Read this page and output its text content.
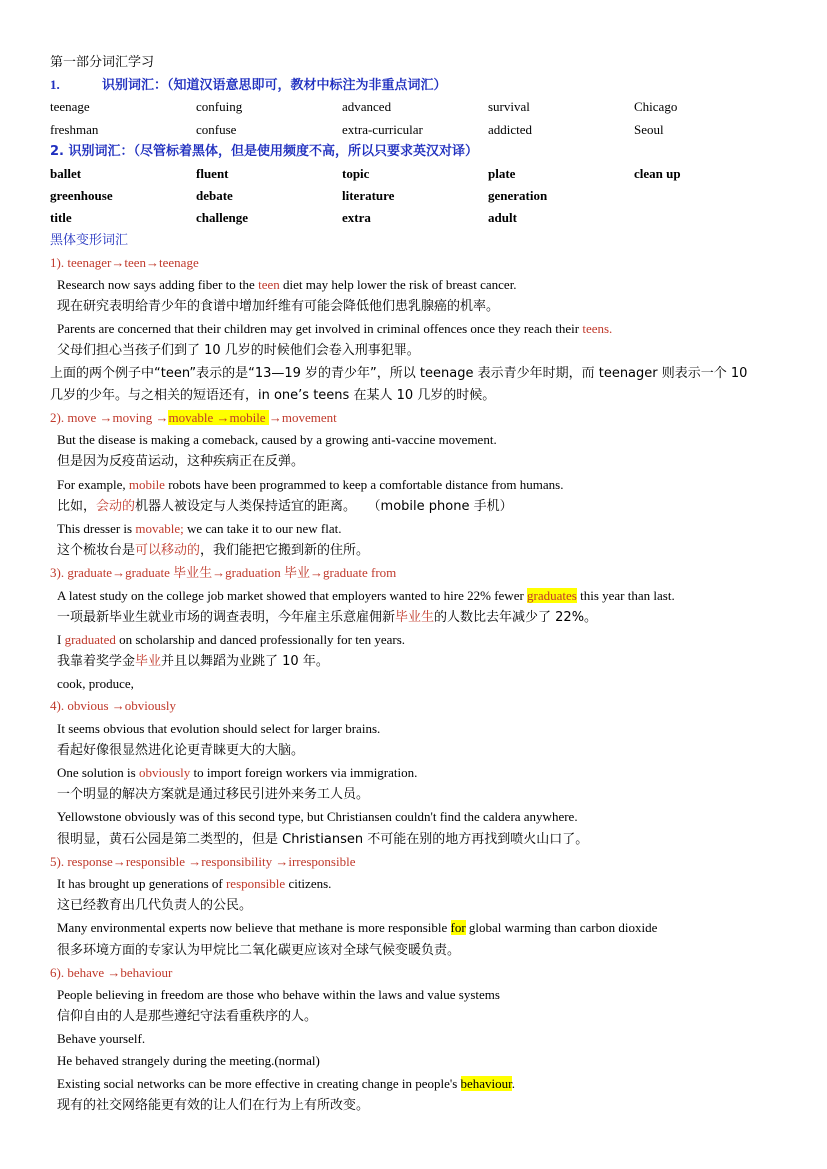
第一部分词汇学习
1.	识别词汇：（知道汉语意思即可，教材中标注为非重点词汇）
teenage	confuing	advanced	survival	Chicago
freshman	confuse	extra-curricular	addicted	Seoul
2. 识别词汇：（尽管标着黑体，但是使用频度不高，所以只要求英汉对译）
ballet	fluent	topic	plate	clean up
greenhouse	debate	literature	generation
title	challenge	extra	adult
黑体变形词汇
1). teenager→teen→teenage
Research now says adding fiber to the teen diet may help lower the risk of breast cancer.
现在研究表明给青少年的食谱中增加纤维有可能会降低他们患乳腺癌的机率。
Parents are concerned that their children may get involved in criminal offences once they reach their teens.
父母们担心当孩子们到了 10 几岁的时候他们会卷入刑事犯罪。
上面的两个例子中“teen”表示的是“13—19 岁的青少年”，所以 teenage 表示青少年时期，而 teenager 则表示一个 10
几岁的少年。与之相关的短语还有，in one’s teens 在某人 10 几岁的时候。
2). move →moving →movable →mobile →movement
But the disease is making a comeback, caused by a growing anti-vaccine movement.
但是因为反疫苗运动，这种疾病正在反弹。
For example, mobile robots have been programmed to keep a comfortable distance from humans.
比如，会动的机器人被设定与人类保持适宜的距离。 （mobile phone 手机）
This dresser is movable; we can take it to our new flat.
这个梳妆台是可以移动的，我们能把它搬到新的住所。
3). graduate→graduate 毕业生→graduation 毕业→graduate from
A latest study on the college job market showed that employers wanted to hire 22% fewer graduates this year than last.
一项最新毕业生就业市场的调查表明，今年雇主乐意雇佣新毕业生的人数比去年减少了 22%。
I graduated on scholarship and danced professionally for ten years.
我靠着奖学金毕业并且以舞蹈为业跳了 10 年。
cook, produce,
4). obvious →obviously
It seems obvious that evolution should select for larger brains.
看起好像很显然进化论更青睐更大的大脑。
One solution is obviously to import foreign workers via immigration.
一个明显的解决方案就是通过移民引进外来务工人员。
Yellowstone obviously was of this second type, but Christiansen couldn't find the caldera anywhere.
很明显，黄石公园是第二类型的，但是 Christiansen 不可能在别的地方再找到喷火山口了。
5). response→responsible →responsibility →irresponsible
It has brought up generations of responsible citizens.
这已经教育出几代负责人的公民。
Many environmental experts now believe that methane is more responsible for global warming than carbon dioxide
很多环境方面的专家认为甲烷比二氧化碳更应该对全球气候变暖负责。
6). behave →behaviour
People believing in freedom are those who behave within the laws and value systems
信仰自由的人是那些遵纪守法看重秩序的人。
Behave yourself.
He behaved strangely during the meeting.(normal)
Existing social networks can be more effective in creating change in people's behaviour.
现有的社交网络能更有效的让人们在行为上有所改变。
